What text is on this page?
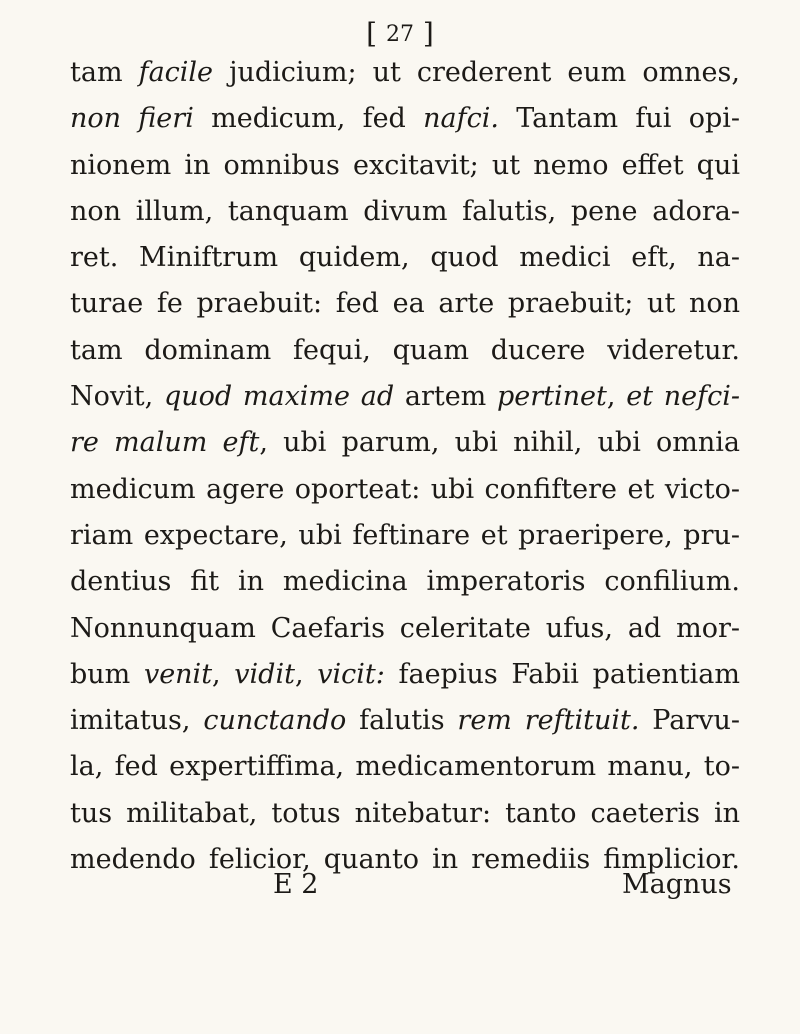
[ 27 ]
tam facile judicium; ut crederent eum omnes,
non fieri medicum, fed nafci. Tantam fui opi-
nionem in omnibus excitavit; ut nemo effet qui
non illum, tanquam divum falutis, pene adora-
ret. Miniftrum quidem, quod medici eft, na-
turae fe praebuit: fed ea arte praebuit; ut non
tam dominam fequi, quam ducere videretur.
Novit, quod maxime ad artem pertinet, et nefci-
re malum eft, ubi parum, ubi nihil, ubi omnia
medicum agere oporteat: ubi confiftere et victo-
riam expectare, ubi feftinare et praeripere, pru-
dentius fit in medicina imperatoris confilium.
Nonnunquam Caefaris celeritate ufus, ad mor-
bum venit, vidit, vicit: faepius Fabii patientiam
imitatus, cunctando falutis rem reftituit. Parvu-
la, fed expertiffima, medicamentorum manu, to-
tus militabat, totus nitebatur: tanto caeteris in
medendo felicior, quanto in remediis fimplicior.
E 2	Magnus
